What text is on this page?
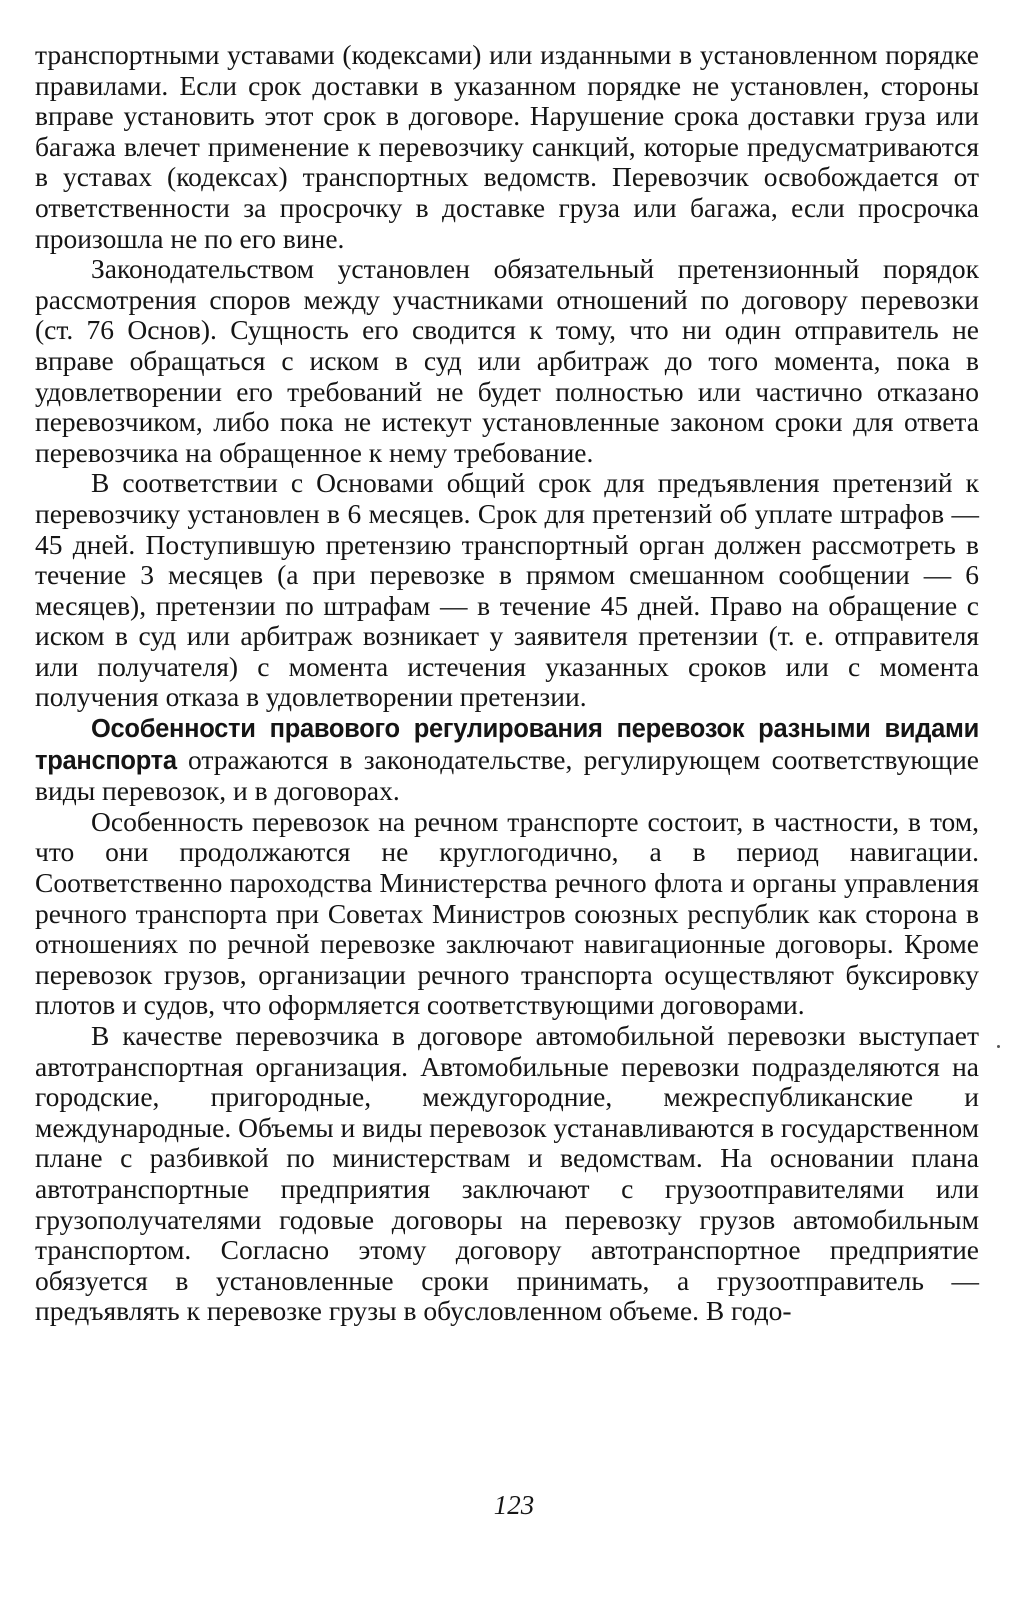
транспортными уставами (кодексами) или изданными в установленном порядке правилами. Если срок доставки в указанном порядке не установлен, стороны вправе установить этот срок в договоре. Нарушение срока доставки груза или багажа влечет применение к перевозчику санкций, которые предусматриваются в уставах (кодексах) транспортных ведомств. Перевозчик освобождается от ответственности за просрочку в доставке груза или багажа, если просрочка произошла не по его вине.

Законодательством установлен обязательный претензионный порядок рассмотрения споров между участниками отношений по договору перевозки (ст. 76 Основ). Сущность его сводится к тому, что ни один отправитель не вправе обращаться с иском в суд или арбитраж до того момента, пока в удовлетворении его требований не будет полностью или частично отказано перевозчиком, либо пока не истекут установленные законом сроки для ответа перевозчика на обращенное к нему требование.

В соответствии с Основами общий срок для предъявления претензий к перевозчику установлен в 6 месяцев. Срок для претензий об уплате штрафов — 45 дней. Поступившую претензию транспортный орган должен рассмотреть в течение 3 месяцев (а при перевозке в прямом смешанном сообщении — 6 месяцев), претензии по штрафам — в течение 45 дней. Право на обращение с иском в суд или арбитраж возникает у заявителя претензии (т. е. отправителя или получателя) с момента истечения указанных сроков или с момента получения отказа в удовлетворении претензии.

Особенности правового регулирования перевозок разными видами транспорта отражаются в законодательстве, регулирующем соответствующие виды перевозок, и в договорах.

Особенность перевозок на речном транспорте состоит, в частности, в том, что они продолжаются не круглогодично, а в период навигации. Соответственно пароходства Министерства речного флота и органы управления речного транспорта при Советах Министров союзных республик как сторона в отношениях по речной перевозке заключают навигационные договоры. Кроме перевозок грузов, организации речного транспорта осуществляют буксировку плотов и судов, что оформляется соответствующими договорами.

В качестве перевозчика в договоре автомобильной перевозки выступает автотранспортная организация. Автомобильные перевозки подразделяются на городские, пригородные, междугородние, межреспубликанские и международные. Объемы и виды перевозок устанавливаются в государственном плане с разбивкой по министерствам и ведомствам. На основании плана автотранспортные предприятия заключают с грузоотправителями или грузополучателями годовые договоры на перевозку грузов автомобильным транспортом. Согласно этому договору автотранспортное предприятие обязуется в установленные сроки принимать, а грузоотправитель — предъявлять к перевозке грузы в обусловленном объеме. В годо-

123
